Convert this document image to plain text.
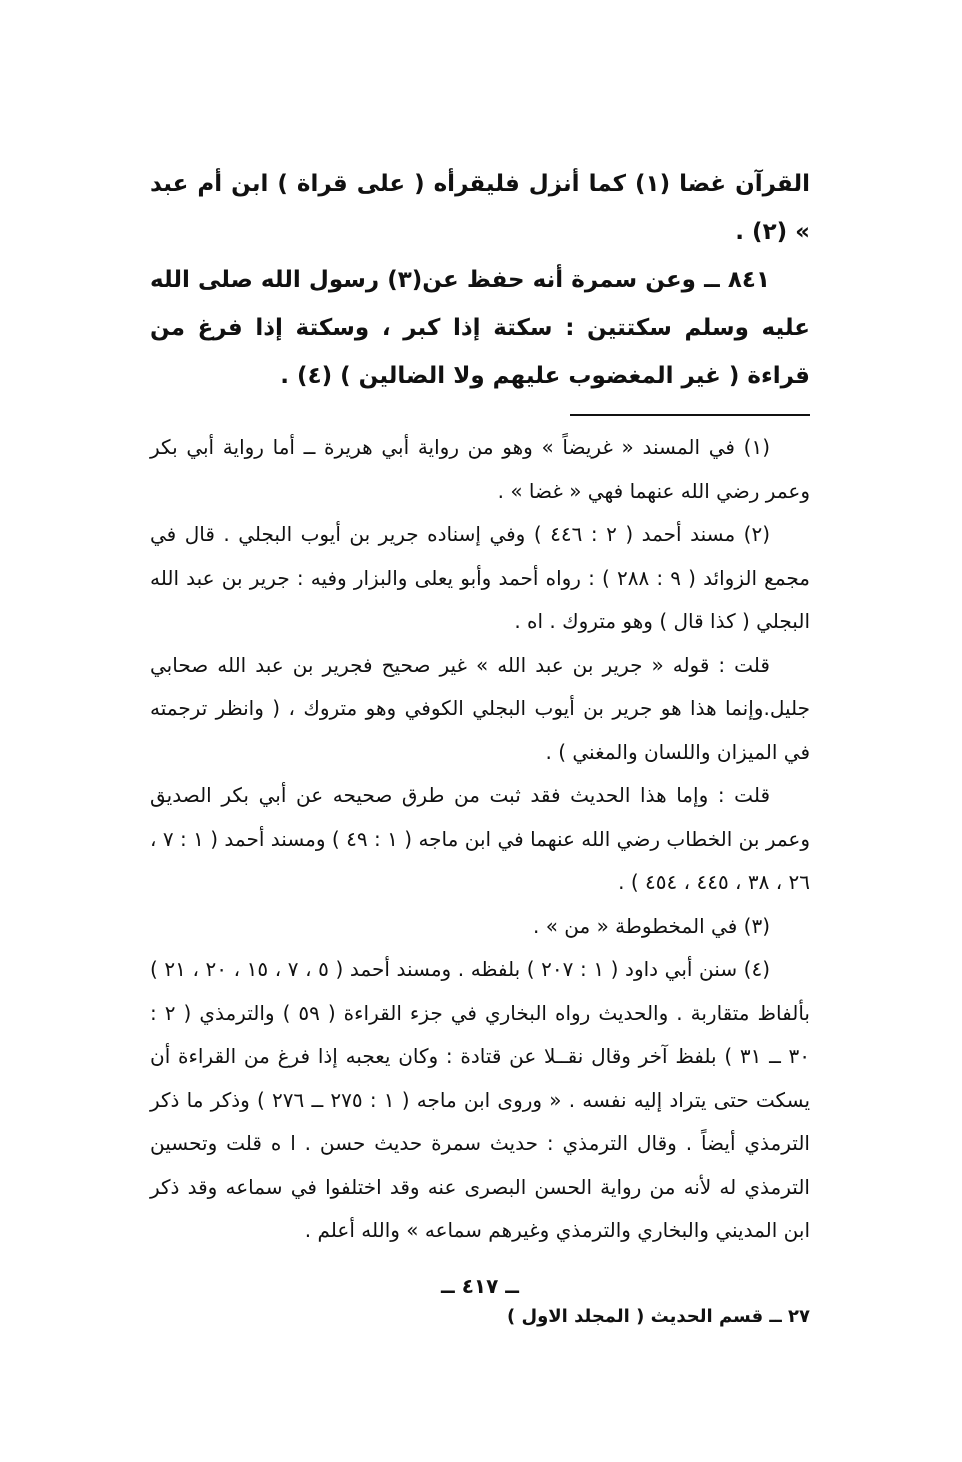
القرآن غضا (١) كما أنزل فليقرأه ( على قراة ) ابن أم عبد » (٢) .

٨٤١ ــ وعن سمرة أنه حفظ عن(٣) رسول الله صلى الله عليه وسلم سكتتين : سكتة إذا كبر ، وسكتة إذا فرغ من قراءة ( غير المغضوب عليهم ولا الضالين ) (٤) .

(١) في المسند « غريضاً » وهو من رواية أبي هريرة ــ أما رواية أبي بكر وعمر رضي الله عنهما فهي « غضا » .

(٢) مسند أحمد ( ٢ : ٤٤٦ ) وفي إسناده جرير بن أيوب البجلي . قال في مجمع الزوائد ( ٩ : ٢٨٨ ) : رواه أحمد وأبو يعلى والبزار وفيه : جرير بن عبد الله البجلي ( كذا قال ) وهو متروك . اه .

قلت : قوله « جرير بن عبد الله » غير صحيح فجرير بن عبد الله صحابي جليل.وإنما هذا هو جرير بن أيوب البجلي الكوفي وهو متروك ، ( وانظر ترجمته في الميزان واللسان والمغني ) .

قلت : وإما هذا الحديث فقد ثبت من طرق صحيحه عن أبي بكر الصديق وعمر بن الخطاب رضي الله عنهما في ابن ماجه ( ١ : ٤٩ ) ومسند أحمد ( ١ : ٧ ، ٢٦ ، ٣٨ ، ٤٤٥ ، ٤٥٤ ) .

(٣) في المخطوطة « من » .

(٤) سنن أبي داود ( ١ : ٢٠٧ ) بلفظه . ومسند أحمد ( ٥ ، ٧ ، ١٥ ، ٢٠ ، ٢١ ) بألفاظ متقاربة . والحديث رواه البخاري في جزء القراءة ( ٥٩ ) والترمذي ( ٢ : ٣٠ ــ ٣١ ) بلفظ آخر وقال نقــلا عن قتادة : وكان يعجبه إذا فرغ من القراءة أن يسكت حتى يتراد إليه نفسه . « وروى ابن ماجه ( ١ : ٢٧٥ ــ ٢٧٦ ) وذكر ما ذكر الترمذي أيضاً . وقال الترمذي : حديث سمرة حديث حسن . ا ه قلت وتحسين الترمذي له لأنه من رواية الحسن البصرى عنه وقد اختلفوا في سماعه وقد ذكر ابن المديني والبخاري والترمذي وغيرهم سماعه » والله أعلم .

ــ ٤١٧ ــ
٢٧ ــ قسم الحديث ( المجلد الاول )
